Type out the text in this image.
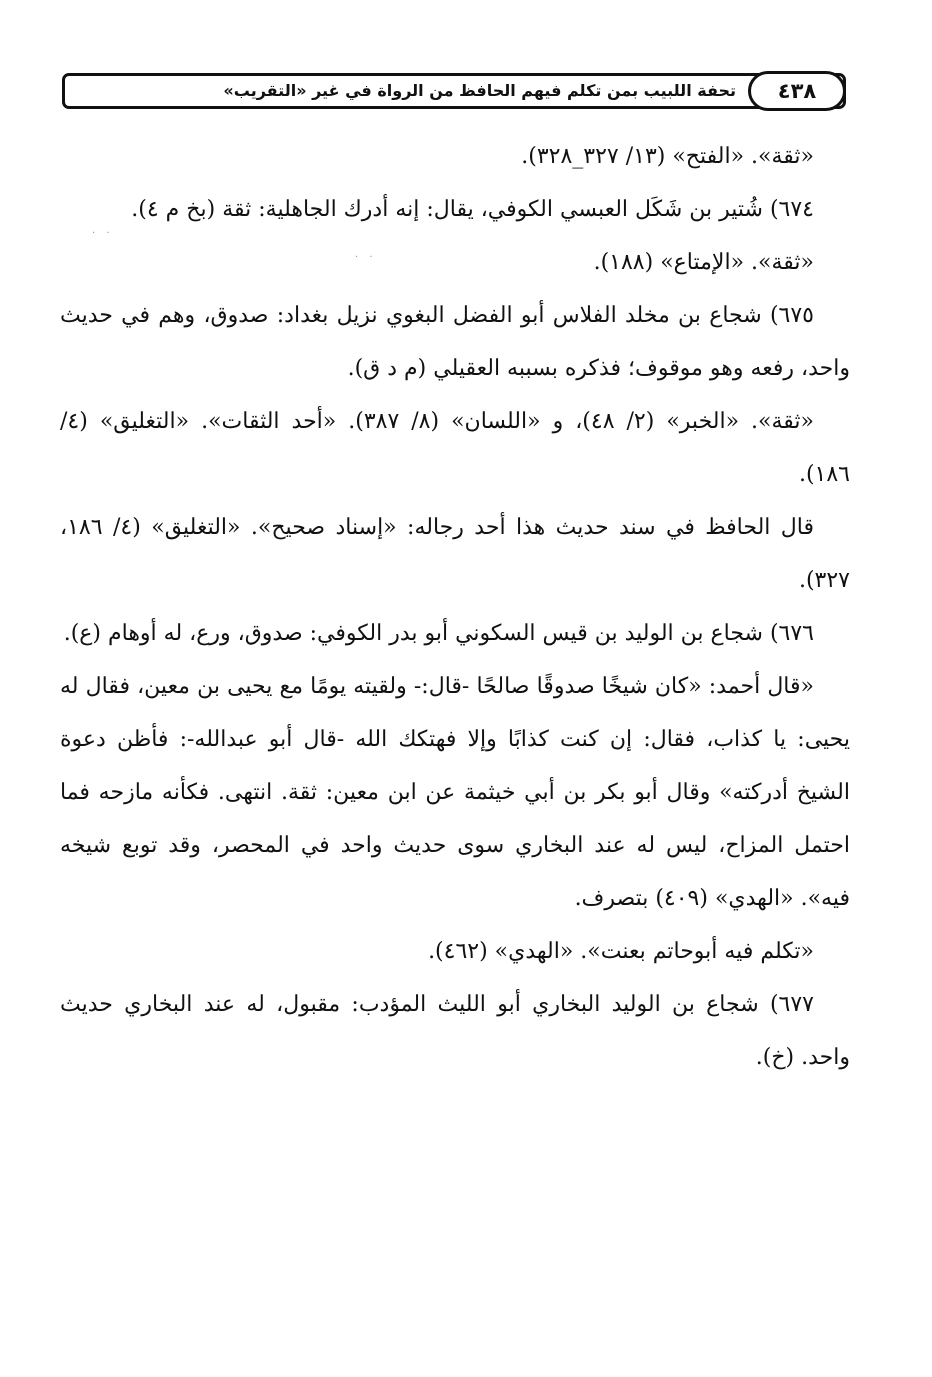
تحفة اللبيب بمن تكلم فيهم الحافظ من الرواة في غير «التقريب» ٤٣٨
· ·
· ·
«ثقة». «الفتح» (١٣/ ٣٢٧_٣٢٨).
٦٧٤) شُتير بن شَكَل العبسي الكوفي، يقال: إنه أدرك الجاهلية: ثقة (بخ م ٤).
«ثقة». «الإمتاع» (١٨٨).
٦٧٥) شجاع بن مخلد الفلاس أبو الفضل البغوي نزيل بغداد: صدوق، وهم في حديث واحد، رفعه وهو موقوف؛ فذكره بسببه العقيلي (م د ق).
«ثقة». «الخبر» (٢/ ٤٨)، و «اللسان» (٨/ ٣٨٧). «أحد الثقات». «التغليق» (٤/ ١٨٦).
قال الحافظ في سند حديث هذا أحد رجاله: «إسناد صحيح». «التغليق» (٤/ ١٨٦، ٣٢٧).
٦٧٦) شجاع بن الوليد بن قيس السكوني أبو بدر الكوفي: صدوق، ورع، له أوهام (ع).
«قال أحمد: «كان شيخًا صدوقًا صالحًا -قال:- ولقيته يومًا مع يحيى بن معين، فقال له يحيى: يا كذاب، فقال: إن كنت كذابًا وإلا فهتكك الله -قال أبو عبدالله-: فأظن دعوة الشيخ أدركته» وقال أبو بكر بن أبي خيثمة عن ابن معين: ثقة. انتهى. فكأنه مازحه فما احتمل المزاح، ليس له عند البخاري سوى حديث واحد في المحصر، وقد توبع شيخه فيه». «الهدي» (٤٠٩) بتصرف.
«تكلم فيه أبوحاتم بعنت». «الهدي» (٤٦٢).
٦٧٧) شجاع بن الوليد البخاري أبو الليث المؤدب: مقبول، له عند البخاري حديث واحد. (خ).
